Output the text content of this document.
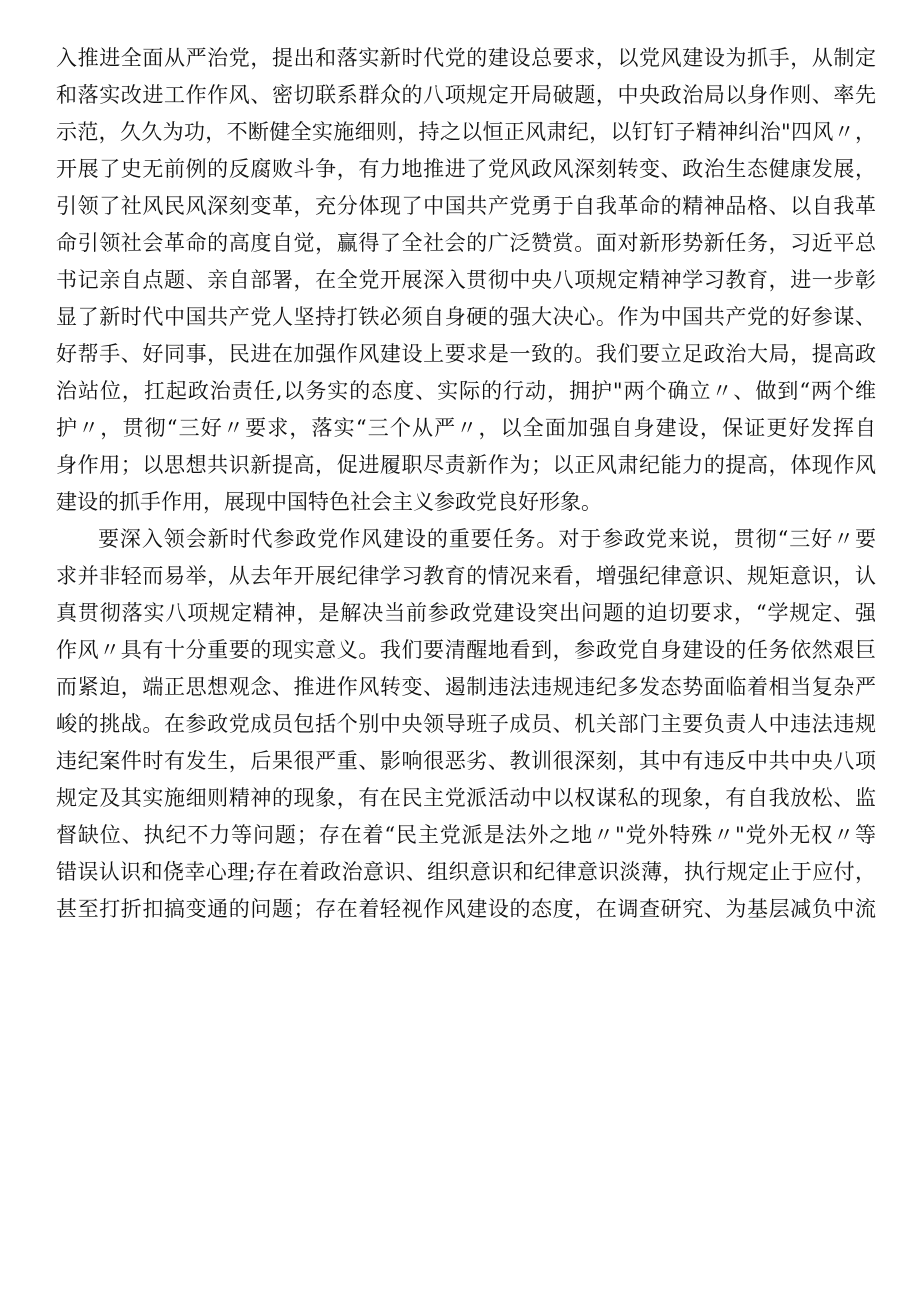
入推进全面从严治党，提出和落实新时代党的建设总要求，以党风建设为抓手，从制定
和落实改进工作作风、密切联系群众的八项规定开局破题，中央政治局以身作则、率先
示范，久久为功，不断健全实施细则，持之以恒正风肃纪，以钉钉子精神纠治"四风〃，
开展了史无前例的反腐败斗争，有力地推进了党风政风深刻转变、政治生态健康发展，
引领了社风民风深刻变革，充分体现了中国共产党勇于自我革命的精神品格、以自我革
命引领社会革命的高度自觉，赢得了全社会的广泛赞赏。面对新形势新任务，习近平总
书记亲自点题、亲自部署，在全党开展深入贯彻中央八项规定精神学习教育，进一步彰
显了新时代中国共产党人坚持打铁必须自身硬的强大决心。作为中国共产党的好参谋、
好帮手、好同事，民进在加强作风建设上要求是一致的。我们要立足政治大局，提高政
治站位，扛起政治责任,以务实的态度、实际的行动，拥护"两个确立〃、做到“两个维
护〃，贯彻“三好〃要求，落实“三个从严〃，以全面加强自身建设，保证更好发挥自
身作用；以思想共识新提高，促进履职尽责新作为；以正风肃纪能力的提高，体现作风
建设的抓手作用，展现中国特色社会主义参政党良好形象。
要深入领会新时代参政党作风建设的重要任务。对于参政党来说，贯彻“三好〃要
求并非轻而易举，从去年开展纪律学习教育的情况来看，增强纪律意识、规矩意识，认
真贯彻落实八项规定精神，是解决当前参政党建设突出问题的迫切要求，“学规定、强
作风〃具有十分重要的现实意义。我们要清醒地看到，参政党自身建设的任务依然艰巨
而紧迫，端正思想观念、推进作风转变、遏制违法违规违纪多发态势面临着相当复杂严
峻的挑战。在参政党成员包括个别中央领导班子成员、机关部门主要负责人中违法违规
违纪案件时有发生，后果很严重、影响很恶劣、教训很深刻，其中有违反中共中央八项
规定及其实施细则精神的现象，有在民主党派活动中以权谋私的现象，有自我放松、监
督缺位、执纪不力等问题；存在着“民主党派是法外之地〃"党外特殊〃"党外无权〃等
错误认识和侥幸心理;存在着政治意识、组织意识和纪律意识淡薄，执行规定止于应付，
甚至打折扣搞变通的问题；存在着轻视作风建设的态度，在调查研究、为基层减负中流
